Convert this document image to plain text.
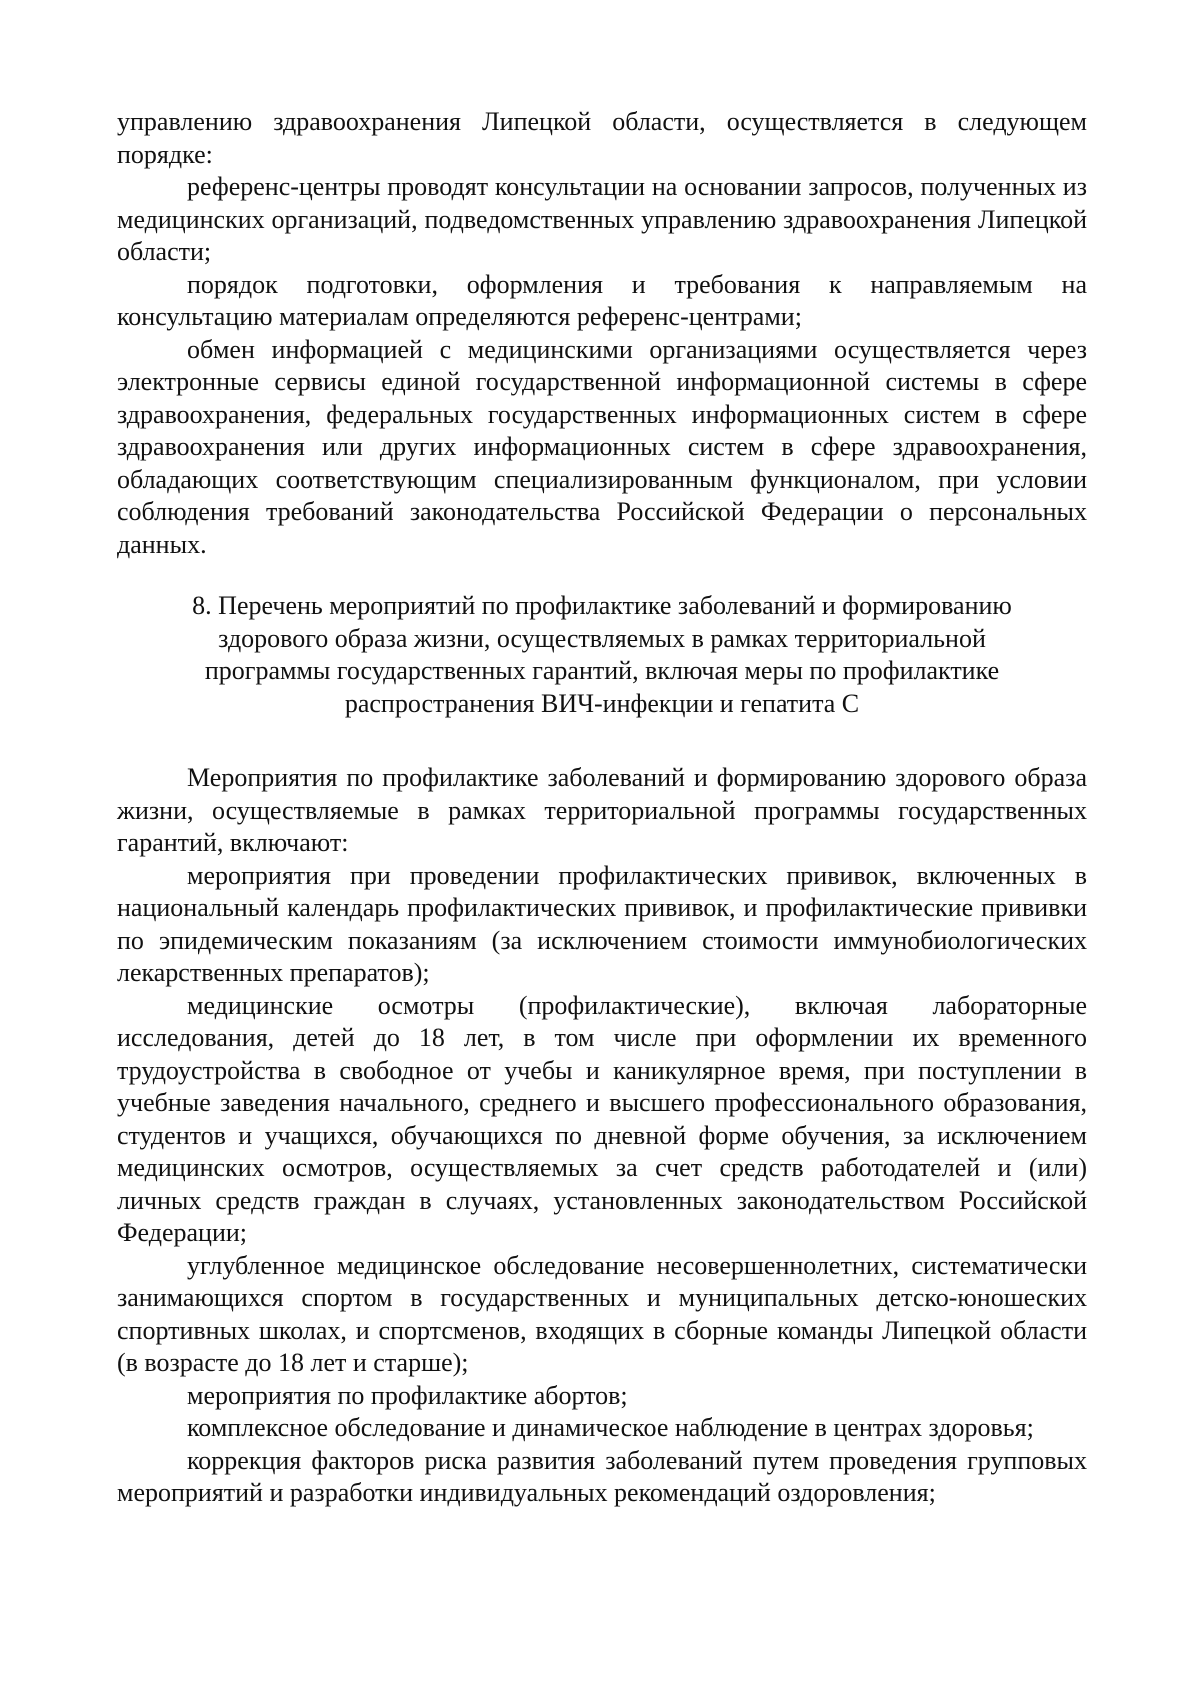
управлению здравоохранения Липецкой области, осуществляется в следующем порядке:

референс-центры проводят консультации на основании запросов, полученных из медицинских организаций, подведомственных управлению здравоохранения Липецкой области;

порядок подготовки, оформления и требования к направляемым на консультацию материалам определяются референс-центрами;

обмен информацией с медицинскими организациями осуществляется через электронные сервисы единой государственной информационной системы в сфере здравоохранения, федеральных государственных информационных систем в сфере здравоохранения или других информационных систем в сфере здравоохранения, обладающих соответствующим специализированным функционалом, при условии соблюдения требований законодательства Российской Федерации о персональных данных.

8. Перечень мероприятий по профилактике заболеваний и формированию здорового образа жизни, осуществляемых в рамках территориальной программы государственных гарантий, включая меры по профилактике распространения ВИЧ-инфекции и гепатита С

Мероприятия по профилактике заболеваний и формированию здорового образа жизни, осуществляемые в рамках территориальной программы государственных гарантий, включают:

мероприятия при проведении профилактических прививок, включенных в национальный календарь профилактических прививок, и профилактические прививки по эпидемическим показаниям (за исключением стоимости иммунобиологических лекарственных препаратов);

медицинские осмотры (профилактические), включая лабораторные исследования, детей до 18 лет, в том числе при оформлении их временного трудоустройства в свободное от учебы и каникулярное время, при поступлении в учебные заведения начального, среднего и высшего профессионального образования, студентов и учащихся, обучающихся по дневной форме обучения, за исключением медицинских осмотров, осуществляемых за счет средств работодателей и (или) личных средств граждан в случаях, установленных законодательством Российской Федерации;

углубленное медицинское обследование несовершеннолетних, систематически занимающихся спортом в государственных и муниципальных детско-юношеских спортивных школах, и спортсменов, входящих в сборные команды Липецкой области (в возрасте до 18 лет и старше);

мероприятия по профилактике абортов;

комплексное обследование и динамическое наблюдение в центрах здоровья;

коррекция факторов риска развития заболеваний путем проведения групповых мероприятий и разработки индивидуальных рекомендаций оздоровления;
